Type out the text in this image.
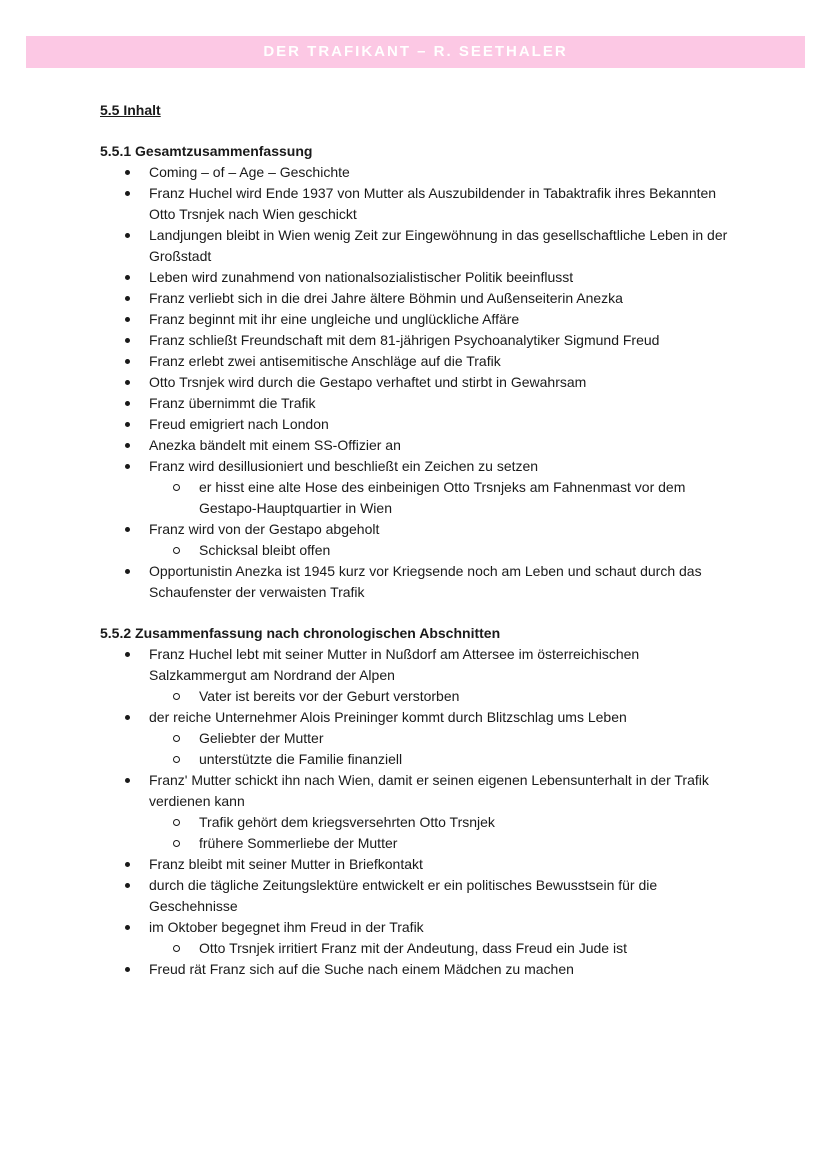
DER TRAFIKANT – R. SEETHALER
5.5 Inhalt
5.5.1 Gesamtzusammenfassung
Coming – of – Age – Geschichte
Franz Huchel wird Ende 1937 von Mutter als Auszubildender in Tabaktrafik ihres Bekannten Otto Trsnjek nach Wien geschickt
Landjungen bleibt in Wien wenig Zeit zur Eingewöhnung in das gesellschaftliche Leben in der Großstadt
Leben wird zunahmend von nationalsozialistischer Politik beeinflusst
Franz verliebt sich in die drei Jahre ältere Böhmin und Außenseiterin Anezka
Franz beginnt mit ihr eine ungleiche und unglückliche Affäre
Franz schließt Freundschaft mit dem 81-jährigen Psychoanalytiker Sigmund Freud
Franz erlebt zwei antisemitische Anschläge auf die Trafik
Otto Trsnjek wird durch die Gestapo verhaftet und stirbt in Gewahrsam
Franz übernimmt die Trafik
Freud emigriert nach London
Anezka bändelt mit einem SS-Offizier an
Franz wird desillusioniert und beschließt ein Zeichen zu setzen
er hisst eine alte Hose des einbeinigen Otto Trsnjeks am Fahnenmast vor dem Gestapo-Hauptquartier in Wien
Franz wird von der Gestapo abgeholt
Schicksal bleibt offen
Opportunistin Anezka ist 1945 kurz vor Kriegsende noch am Leben und schaut durch das Schaufenster der verwaisten Trafik
5.5.2 Zusammenfassung nach chronologischen Abschnitten
Franz Huchel lebt mit seiner Mutter in Nußdorf am Attersee im österreichischen Salzkammergut am Nordrand der Alpen
Vater ist bereits vor der Geburt verstorben
der reiche Unternehmer Alois Preininger kommt durch Blitzschlag ums Leben
Geliebter der Mutter
unterstützte die Familie finanziell
Franz' Mutter schickt ihn nach Wien, damit er seinen eigenen Lebensunterhalt in der Trafik verdienen kann
Trafik gehört dem kriegsversehrten Otto Trsnjek
frühere Sommerliebe der Mutter
Franz bleibt mit seiner Mutter in Briefkontakt
durch die tägliche Zeitungslektüre entwickelt er ein politisches Bewusstsein für die Geschehnisse
im Oktober begegnet ihm Freud in der Trafik
Otto Trsnjek irritiert Franz mit der Andeutung, dass Freud ein Jude ist
Freud rät Franz sich auf die Suche nach einem Mädchen zu machen
